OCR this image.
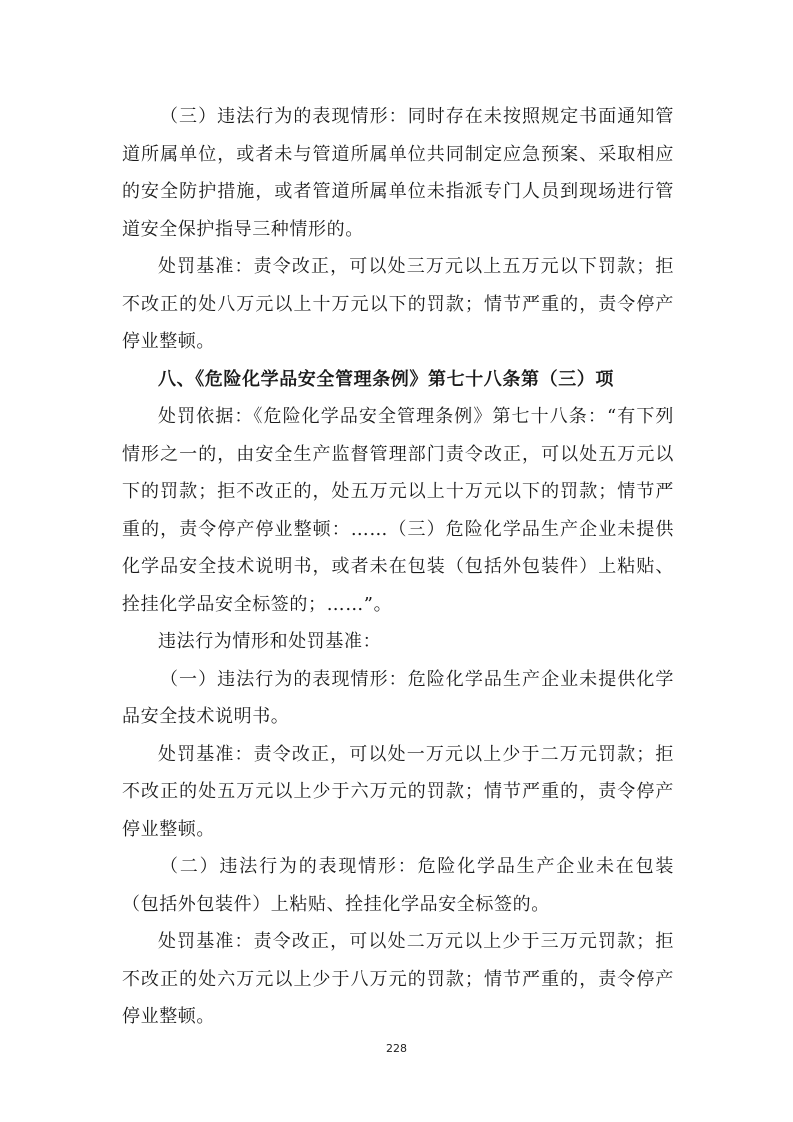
（三）违法行为的表现情形：同时存在未按照规定书面通知管道所属单位，或者未与管道所属单位共同制定应急预案、采取相应的安全防护措施，或者管道所属单位未指派专门人员到现场进行管道安全保护指导三种情形的。

处罚基准：责令改正，可以处三万元以上五万元以下罚款；拒不改正的处八万元以上十万元以下的罚款；情节严重的，责令停产停业整顿。

八、《危险化学品安全管理条例》第七十八条第（三）项

处罚依据：《危险化学品安全管理条例》第七十八条：“有下列情形之一的，由安全生产监督管理部门责令改正，可以处五万元以下的罚款；拒不改正的，处五万元以上十万元以下的罚款；情节严重的，责令停产停业整顿：……（三）危险化学品生产企业未提供化学品安全技术说明书，或者未在包装（包括外包装件）上粘贴、拴挂化学品安全标签的；……”。

违法行为情形和处罚基准：

（一）违法行为的表现情形：危险化学品生产企业未提供化学品安全技术说明书。

处罚基准：责令改正，可以处一万元以上少于二万元罚款；拒不改正的处五万元以上少于六万元的罚款；情节严重的，责令停产停业整顿。

（二）违法行为的表现情形：危险化学品生产企业未在包装（包括外包装件）上粘贴、拴挂化学品安全标签的。

处罚基准：责令改正，可以处二万元以上少于三万元罚款；拒不改正的处六万元以上少于八万元的罚款；情节严重的，责令停产停业整顿。

228
